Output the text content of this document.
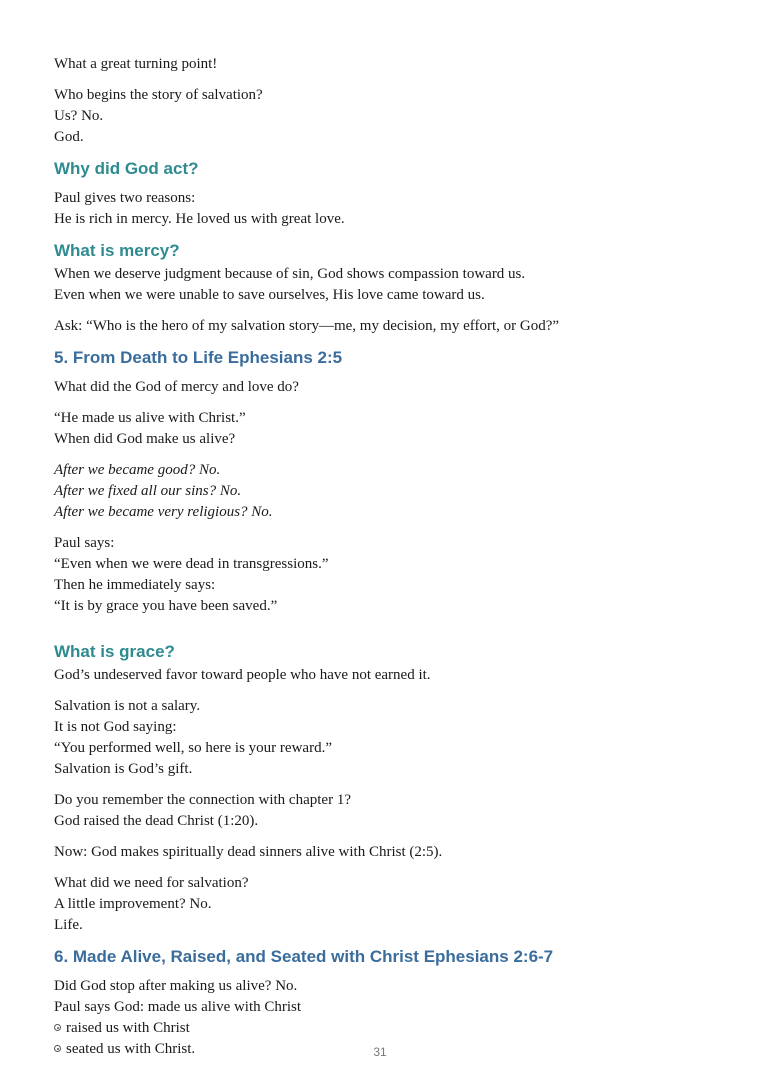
What a great turning point!

Who begins the story of salvation?
Us? No.
God.

Why did God act?

Paul gives two reasons:
He is rich in mercy. He loved us with great love.

What is mercy?

When we deserve judgment because of sin, God shows compassion toward us.
Even when we were unable to save ourselves, His love came toward us.

Ask: “Who is the hero of my salvation story—me, my decision, my effort, or God?”

5. From Death to Life Ephesians 2:5

What did the God of mercy and love do?

“He made us alive with Christ.”
When did God make us alive?

After we became good? No.
After we fixed all our sins? No.
After we became very religious? No.

Paul says:
“Even when we were dead in transgressions.”
Then he immediately says:
“It is by grace you have been saved.”

What is grace?

God’s undeserved favor toward people who have not earned it.

Salvation is not a salary.
It is not God saying:
“You performed well, so here is your reward.”
Salvation is God’s gift.

Do you remember the connection with chapter 1?
God raised the dead Christ (1:20).

Now: God makes spiritually dead sinners alive with Christ (2:5).

What did we need for salvation?
A little improvement? No.
Life.

6. Made Alive, Raised, and Seated with Christ Ephesians 2:6-7

Did God stop after making us alive? No.
Paul says God: made us alive with Christ

raised us with Christ
seated us with Christ.	31
